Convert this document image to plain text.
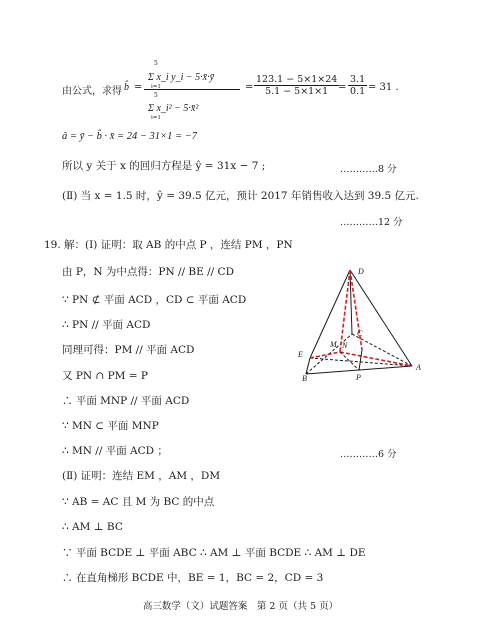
由公式，求得 b̂ = 5
Σ x_i y_i − 5·x̄·ȳ
i=1
5
Σ x_i² − 5·x̄²
$i=1 = \frac{123.1 - 5\times 1\times 24}{5.1 - 5\times 1\times 1}$
= $\frac{3.1}{0.1} = 31$ .
â = ȳ − b̂ · x̄ = 24 − 31×1 = −7
所以 y 关于 x 的回归方程是 ŷ = 31x − 7 ;	…………8 分
(Ⅱ) 当 x = 1.5 时，ŷ = 39.5 亿元，预计 2017 年销售收入达到 39.5 亿元.
…………12 分
19. 解：(Ⅰ) 证明：取 AB 的中点 P ，连结 PM ，PN
由 P，N 为中点得：PN // BE // CD
∵ PN ⊄ 平面 ACD ，CD ⊂ 平面 ACD
∴ PN // 平面 ACD
同理可得：PM // 平面 ACD
又 PN ∩ PM = P
∴ 平面 MNP // 平面 ACD
∵ MN ⊂ 平面 MNP
∴ MN // 平面 ACD ；	…………6 分
(Ⅱ) 证明：连结 EM ，AM ，DM
∵ AB = AC 且 M 为 BC 的中点
∴ AM ⊥ BC
∵ 平面 BCDE ⊥ 平面 ABC ∴ AM ⊥ 平面 BCDE ∴ AM ⊥ DE
∴ 在直角梯形 BCDE 中，BE = 1，BC = 2，CD = 3
D
C
M N
E
B	P
A
高三数学（文）试题答案　第 2 页（共 5 页）
